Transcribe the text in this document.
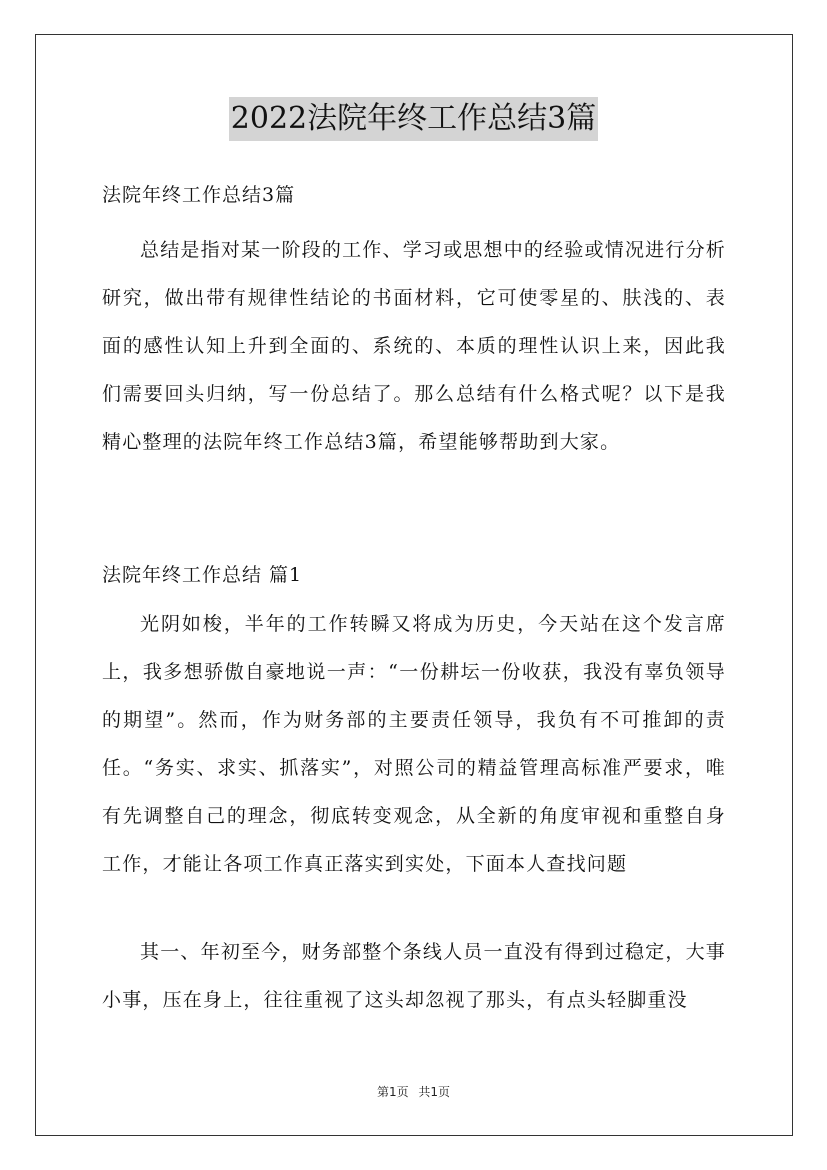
2022法院年终工作总结3篇
法院年终工作总结3篇

总结是指对某一阶段的工作、学习或思想中的经验或情况进行分析研究，做出带有规律性结论的书面材料，它可使零星的、肤浅的、表面的感性认知上升到全面的、系统的、本质的理性认识上来，因此我们需要回头归纳，写一份总结了。那么总结有什么格式呢？以下是我精心整理的法院年终工作总结3篇，希望能够帮助到大家。

法院年终工作总结 篇1

光阴如梭，半年的工作转瞬又将成为历史，今天站在这个发言席上，我多想骄傲自豪地说一声：“一份耕坛一份收获，我没有辜负领导的期望”。然而，作为财务部的主要责任领导，我负有不可推卸的责任。“务实、求实、抓落实”，对照公司的精益管理高标准严要求，唯有先调整自己的理念，彻底转变观念，从全新的角度审视和重整自身工作，才能让各项工作真正落实到实处，下面本人查找问题

其一、年初至今，财务部整个条线人员一直没有得到过稳定，大事小事，压在身上，往往重视了这头却忽视了那头，有点头轻脚重没

第1页 共1页
